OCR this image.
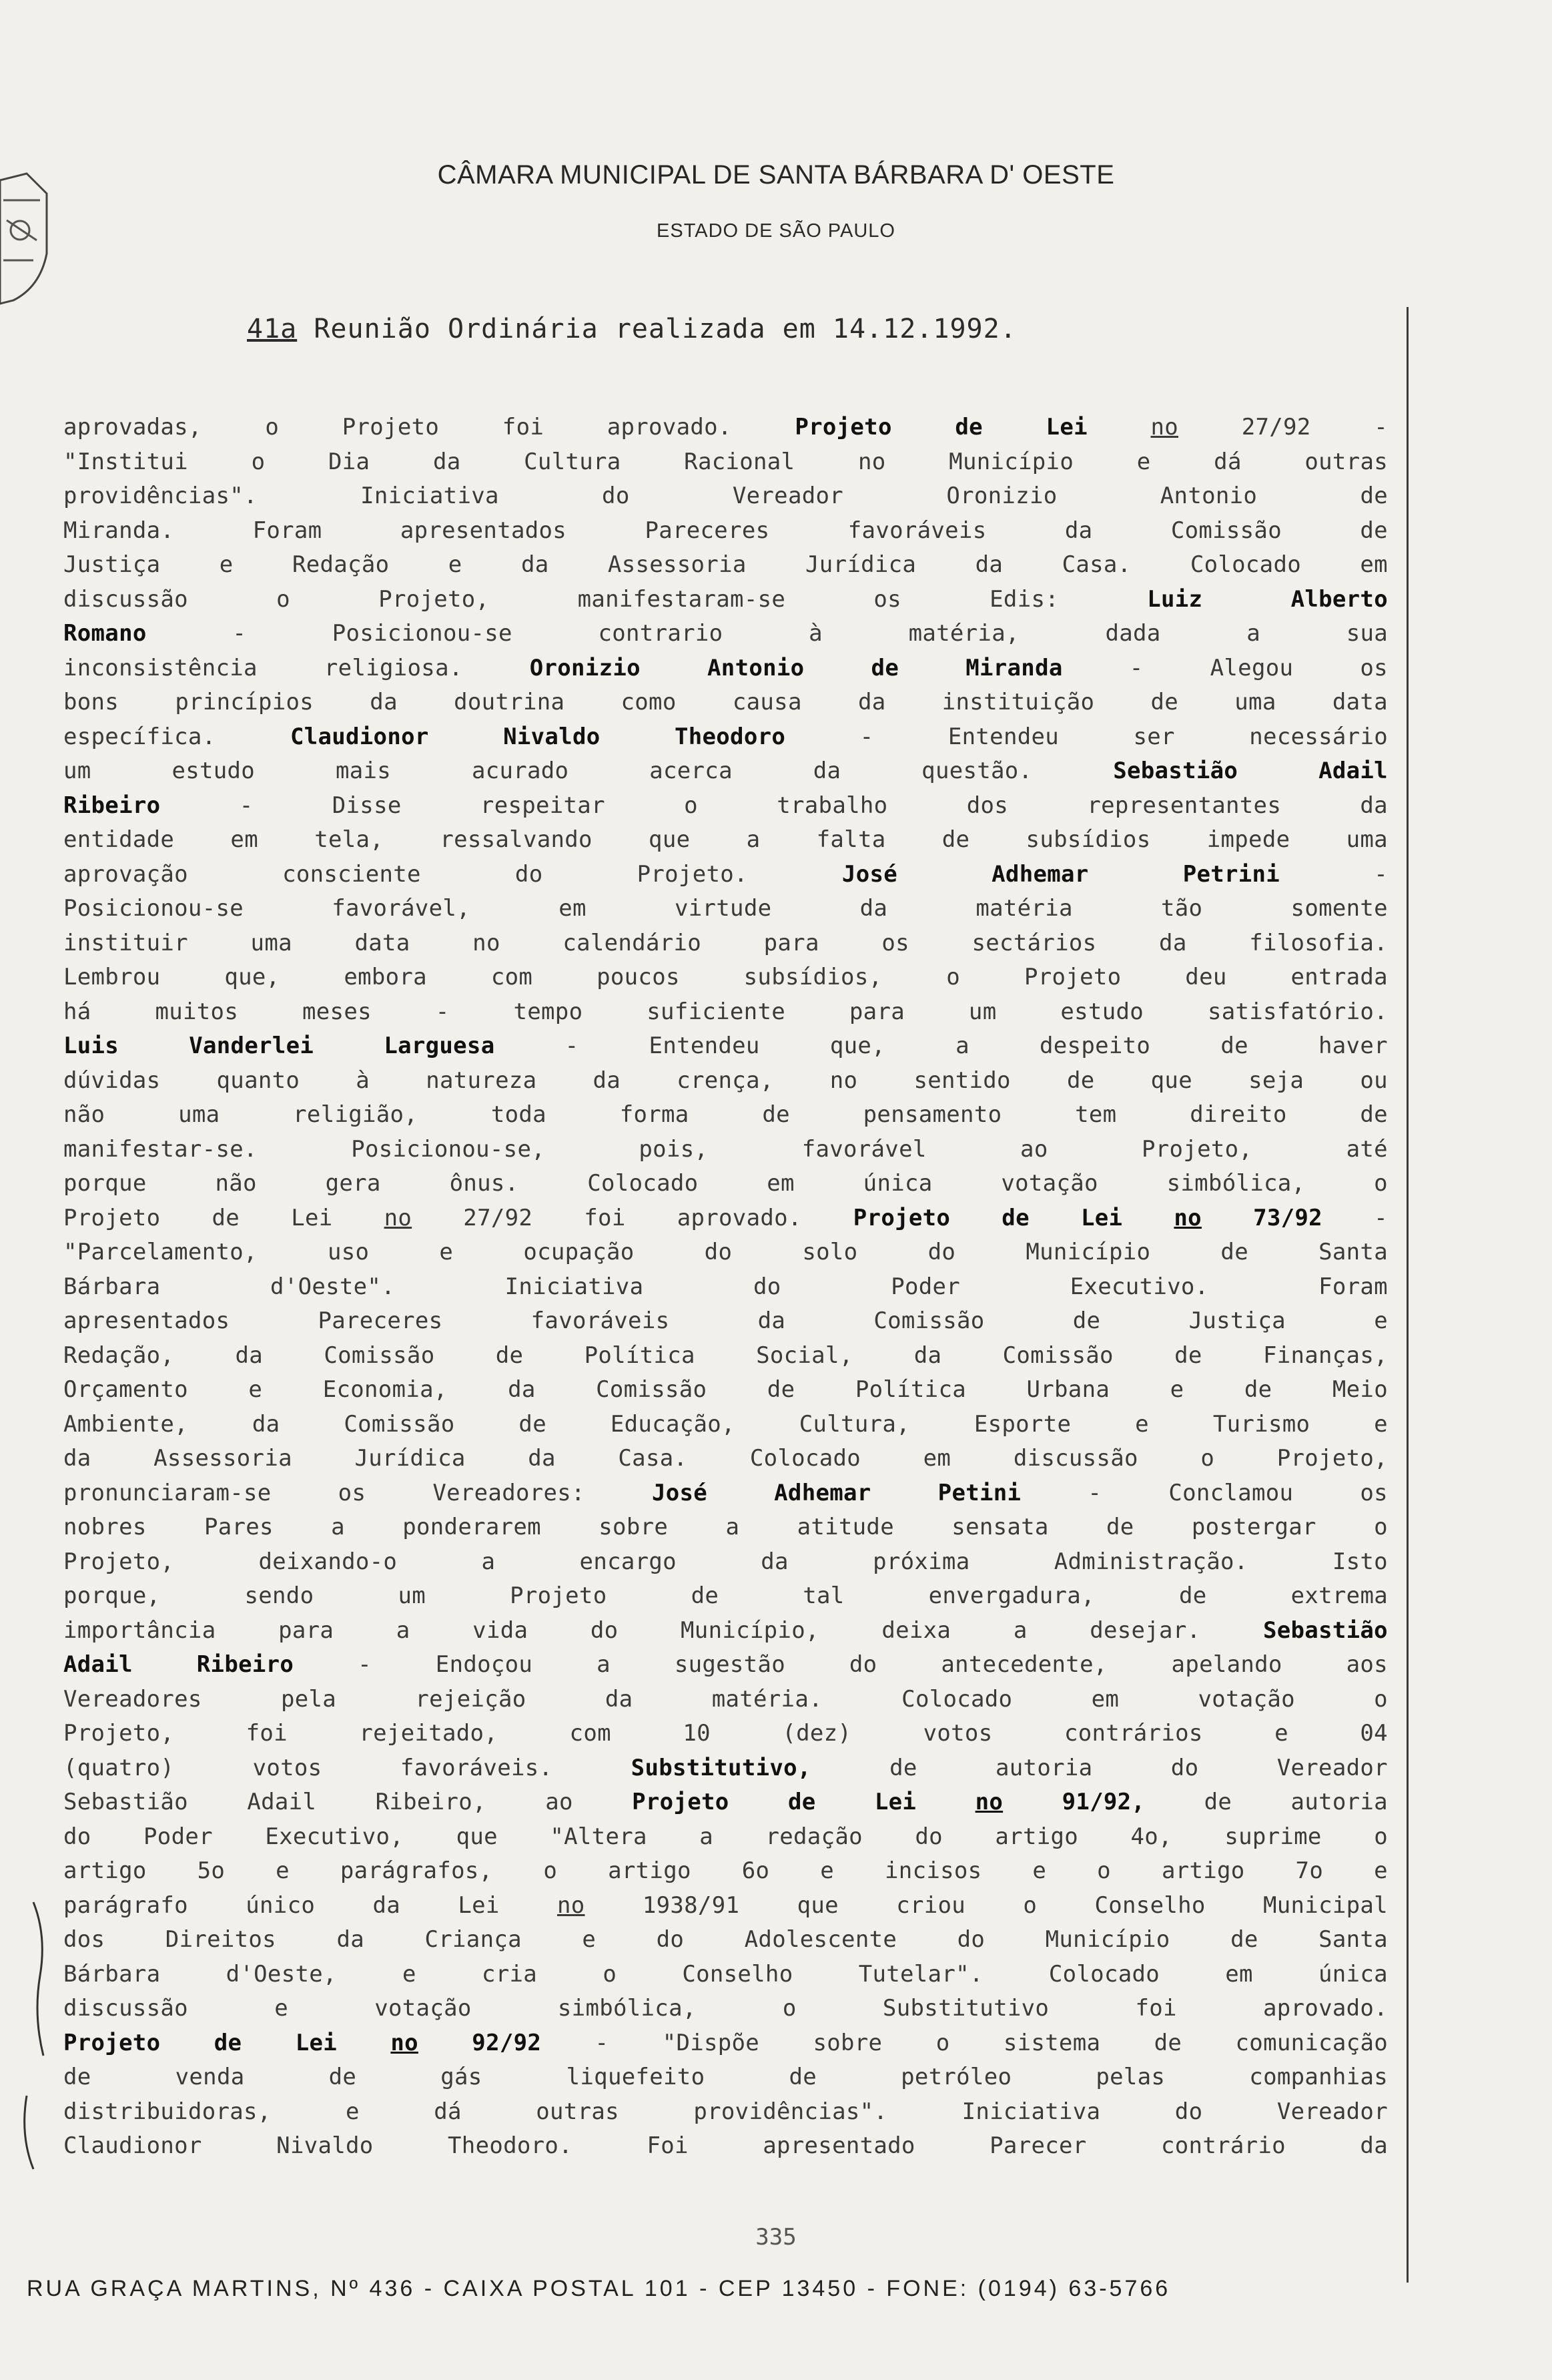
CÂMARA MUNICIPAL DE SANTA BÁRBARA D' OESTE
ESTADO DE SÃO PAULO
41a Reunião Ordinária realizada em 14.12.1992.
aprovadas,	o	Projeto	foi	aprovado.	Projeto	de	Lei	no	27/92	-
"Institui	o	Dia	da	Cultura	Racional	no	Município	e	dá	outras
providências".	Iniciativa	do	Vereador	Oronizio	Antonio	de
Miranda.	Foram	apresentados	Pareceres	favoráveis	da	Comissão	de
Justiça	e	Redação	e	da	Assessoria	Jurídica	da	Casa.	Colocado	em
discussão	o	Projeto,	manifestaram-se	os	Edis:	Luiz	Alberto
Romano	-	Posicionou-se	contrario	à	matéria,	dada	a	sua
inconsistência	religiosa.	Oronizio	Antonio	de	Miranda	-	Alegou	os
bons princípios da doutrina como causa da instituição de uma data
específica.	Claudionor	Nivaldo	Theodoro	-	Entendeu	ser	necessário
um	estudo	mais	acurado	acerca	da	questão.	Sebastião	Adail
Ribeiro	-	Disse	respeitar	o	trabalho	dos	representantes	da
entidade em tela, ressalvando que a falta de subsídios impede uma
aprovação	consciente	do	Projeto.	José	Adhemar	Petrini	-
Posicionou-se	favorável,	em	virtude	da	matéria	tão	somente
instituir	uma	data	no	calendário	para	os	sectários	da	filosofia.
Lembrou	que,	embora	com	poucos	subsídios,	o	Projeto	deu	entrada
há	muitos	meses	-	tempo	suficiente	para	um	estudo	satisfatório.
Luis	Vanderlei	Larguesa	-	Entendeu	que,	a	despeito	de	haver
dúvidas quanto à natureza da crença, no sentido de que seja ou
não	uma	religião,	toda	forma	de	pensamento	tem	direito	de
manifestar-se.	Posicionou-se,	pois,	favorável	ao	Projeto,	até
porque	não	gera	ônus.	Colocado	em	única	votação	simbólica,	o
Projeto de Lei no 27/92 foi aprovado. Projeto de Lei no 73/92 -
"Parcelamento,	uso	e	ocupação	do	solo	do	Município	de	Santa
Bárbara	d'Oeste".	Iniciativa	do	Poder	Executivo.	Foram
apresentados	Pareceres	favoráveis	da	Comissão	de	Justiça	e
Redação,	da	Comissão	de	Política	Social,	da	Comissão	de	Finanças,
Orçamento	e	Economia,	da	Comissão	de	Política	Urbana	e	de	Meio
Ambiente,	da	Comissão	de	Educação,	Cultura,	Esporte	e	Turismo	e
da	Assessoria	Jurídica	da	Casa.	Colocado	em	discussão	o	Projeto,
pronunciaram-se	os	Vereadores:	José	Adhemar	Petini	-	Conclamou	os
nobres	Pares	a	ponderarem	sobre	a	atitude	sensata	de	postergar	o
Projeto,	deixando-o	a	encargo	da	próxima	Administração.	Isto
porque,	sendo	um	Projeto	de	tal	envergadura,	de	extrema
importância	para	a	vida	do	Município,	deixa	a	desejar.	Sebastião
Adail	Ribeiro	-	Endoçou	a	sugestão	do	antecedente,	apelando	aos
Vereadores	pela	rejeição	da	matéria.	Colocado	em	votação	o
Projeto,	foi	rejeitado,	com	10	(dez)	votos	contrários	e	04
(quatro)	votos	favoráveis.	Substitutivo,	de	autoria	do	Vereador
Sebastião	Adail	Ribeiro,	ao	Projeto	de	Lei	no	91/92,	de	autoria
do Poder Executivo, que "Altera a redação do artigo 4o, suprime o
artigo 5o e parágrafos, o artigo 6o e incisos e o artigo 7o e
parágrafo	único	da	Lei	no	1938/91	que	criou	o	Conselho	Municipal
dos	Direitos	da	Criança	e	do	Adolescente	do	Município	de	Santa
Bárbara	d'Oeste,	e	cria	o	Conselho	Tutelar".	Colocado	em	única
discussão	e	votação	simbólica,	o	Substitutivo	foi	aprovado.
Projeto de Lei no 92/92 - "Dispõe sobre o sistema de comunicação
de	venda	de	gás	liquefeito	de	petróleo	pelas	companhias
distribuidoras,	e	dá	outras	providências".	Iniciativa	do	Vereador
Claudionor	Nivaldo	Theodoro.	Foi	apresentado	Parecer	contrário	da
335
RUA GRAÇA MARTINS, Nº 436 - CAIXA POSTAL 101 - CEP 13450 - FONE: (0194) 63-5766
